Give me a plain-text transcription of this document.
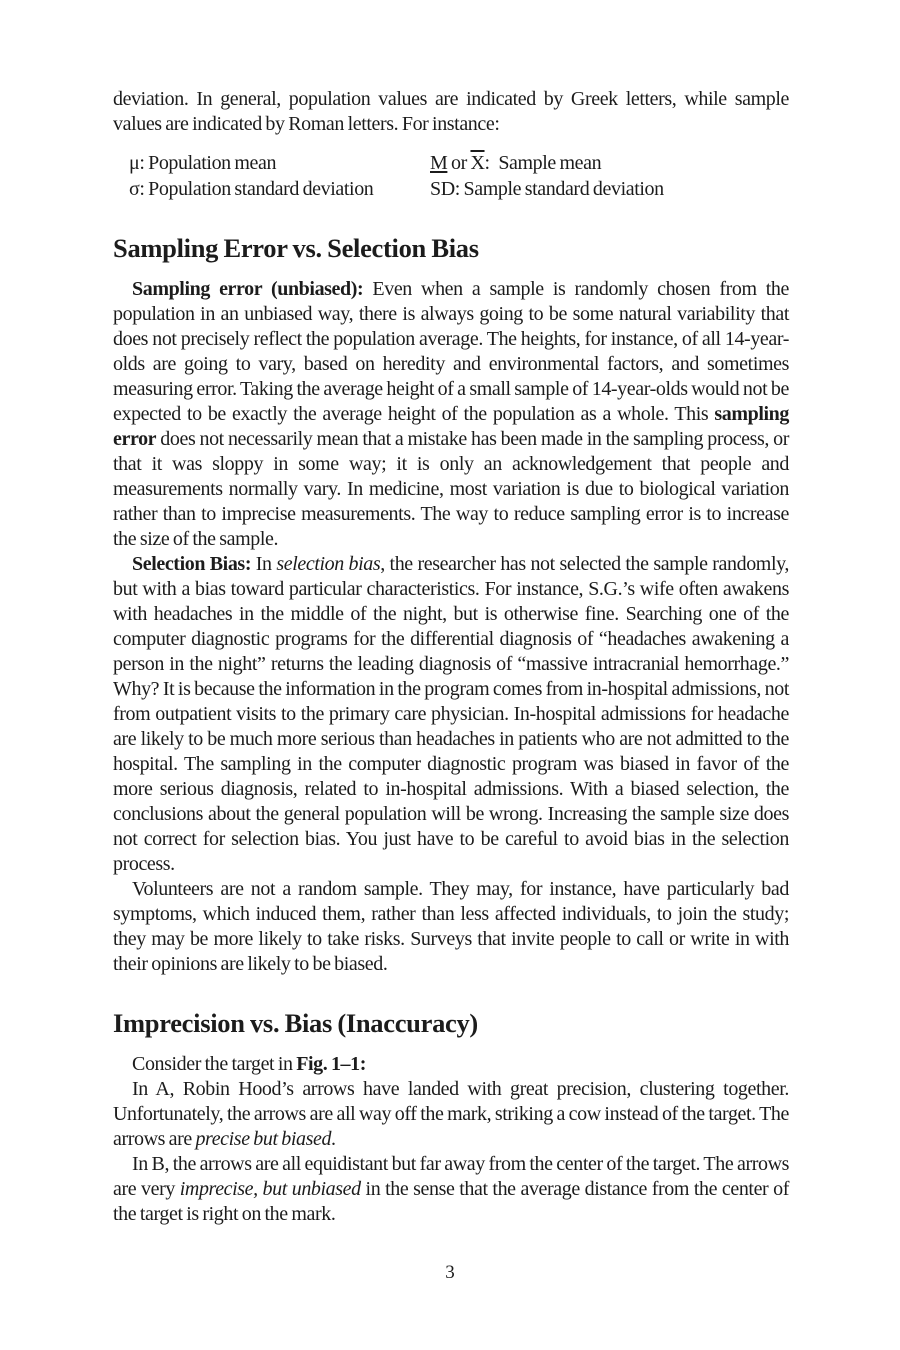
deviation. In general, population values are indicated by Greek letters, while sample values are indicated by Roman letters. For instance:

μ: Population mean	M or $\overline{X}$: Sample mean
σ: Population standard deviation	SD: Sample standard deviation
Sampling Error vs. Selection Bias

Sampling error (unbiased): Even when a sample is randomly chosen from the population in an unbiased way, there is always going to be some natural variability that does not precisely reflect the population average. The heights, for instance, of all 14-year-olds are going to vary, based on heredity and environmental factors, and sometimes measuring error. Taking the average height of a small sample of 14-year-olds would not be expected to be exactly the average height of the population as a whole. This sampling error does not necessarily mean that a mistake has been made in the sampling process, or that it was sloppy in some way; it is only an acknowledgement that people and measurements normally vary. In medicine, most variation is due to biological variation rather than to imprecise measurements. The way to reduce sampling error is to increase the size of the sample.

Selection Bias: In selection bias, the researcher has not selected the sample randomly, but with a bias toward particular characteristics. For instance, S.G.’s wife often awakens with headaches in the middle of the night, but is otherwise fine. Searching one of the computer diagnostic programs for the differential diagnosis of “headaches awakening a person in the night” returns the leading diagnosis of “massive intracranial hemorrhage.” Why? It is because the information in the program comes from in-hospital admissions, not from outpatient visits to the primary care physician. In-hospital admissions for headache are likely to be much more serious than headaches in patients who are not admitted to the hospital. The sampling in the computer diagnostic program was biased in favor of the more serious diagnosis, related to in-hospital admissions. With a biased selection, the conclusions about the general population will be wrong. Increasing the sample size does not correct for selection bias. You just have to be careful to avoid bias in the selection process.

Volunteers are not a random sample. They may, for instance, have particularly bad symptoms, which induced them, rather than less affected individuals, to join the study; they may be more likely to take risks. Surveys that invite people to call or write in with their opinions are likely to be biased.

Imprecision vs. Bias (Inaccuracy)

Consider the target in Fig. 1–1:

In A, Robin Hood’s arrows have landed with great precision, clustering together. Unfortunately, the arrows are all way off the mark, striking a cow instead of the target. The arrows are precise but biased.

In B, the arrows are all equidistant but far away from the center of the target. The arrows are very imprecise, but unbiased in the sense that the average distance from the center of the target is right on the mark.

3
